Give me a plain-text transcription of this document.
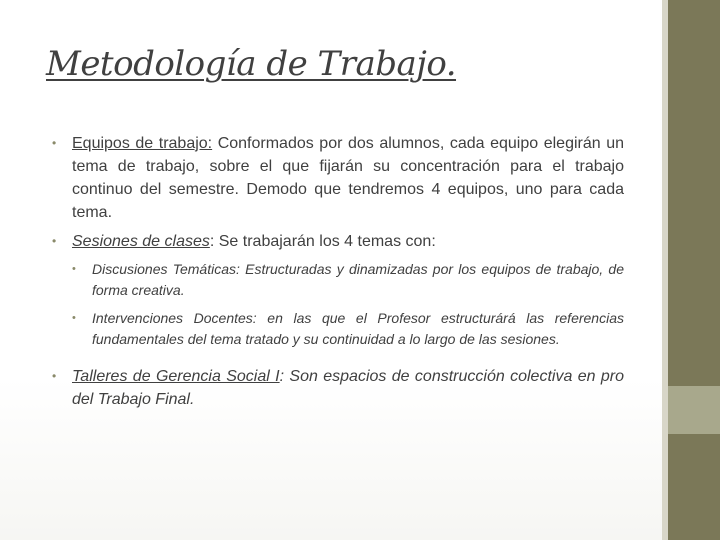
Metodología de Trabajo.
• Equipos de trabajo: Conformados por dos alumnos, cada equipo elegirán un tema de trabajo, sobre el que fijarán su concentración para el trabajo continuo del semestre. Demodo que tendremos 4 equipos, uno para cada tema.
• Sesiones de clases: Se trabajarán los 4 temas con:
• Discusiones Temáticas: Estructuradas y dinamizadas por los equipos de trabajo, de forma creativa.
• Intervenciones Docentes: en las que el Profesor estructurárá las referencias fundamentales del tema tratado y su continuidad a lo largo de las sesiones.
• Talleres de Gerencia Social I: Son espacios de construcción colectiva en pro del Trabajo Final.
